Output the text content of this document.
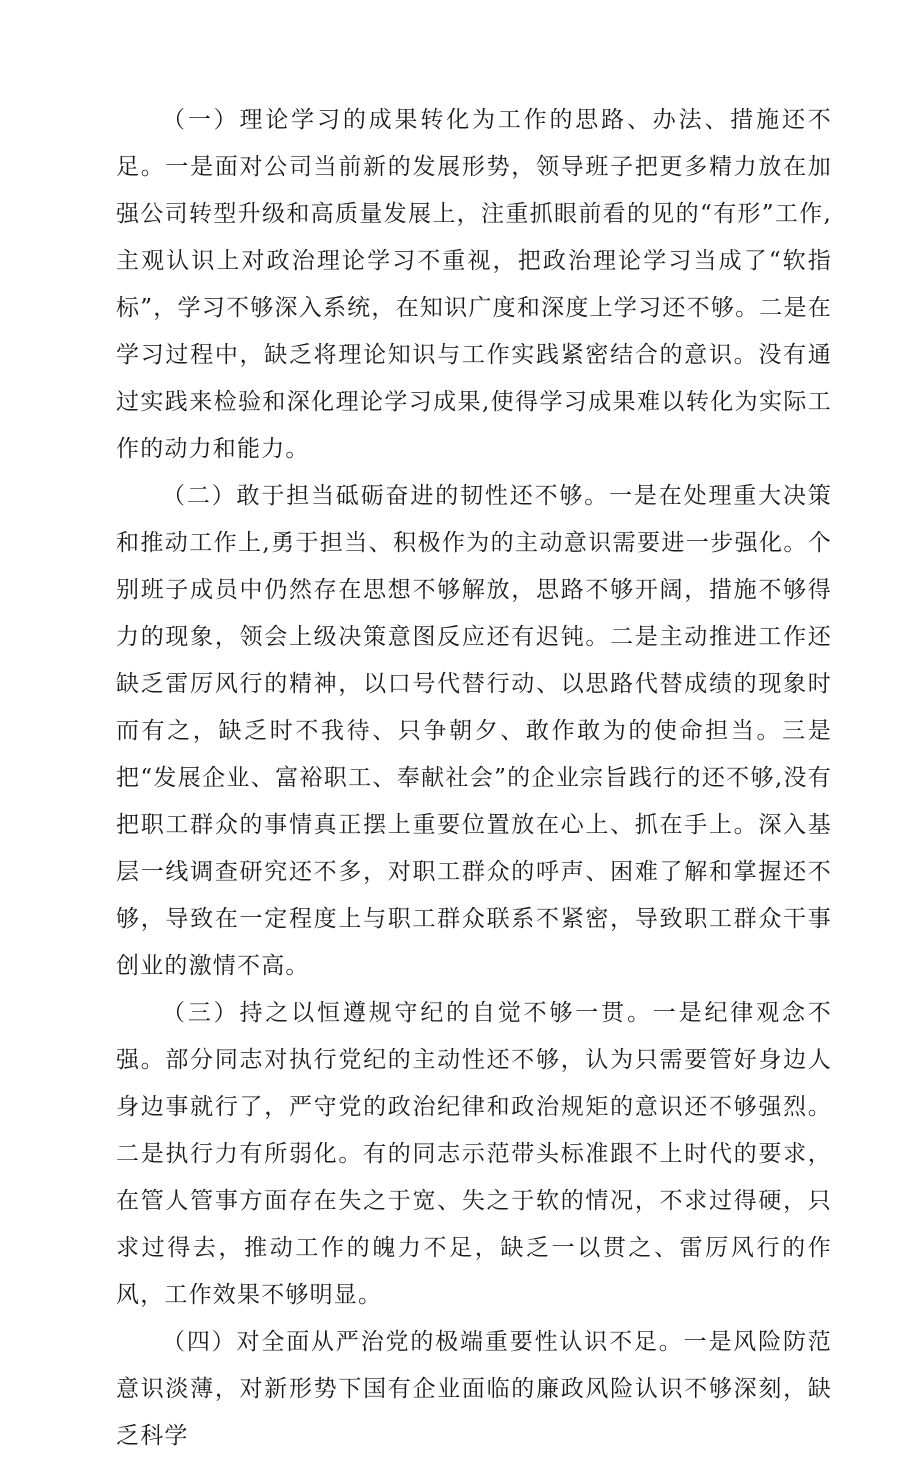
（一）理论学习的成果转化为工作的思路、办法、措施还不足。一是面对公司当前新的发展形势，领导班子把更多精力放在加强公司转型升级和高质量发展上，注重抓眼前看的见的“有形”工作,主观认识上对政治理论学习不重视，把政治理论学习当成了“软指标”，学习不够深入系统，在知识广度和深度上学习还不够。二是在学习过程中，缺乏将理论知识与工作实践紧密结合的意识。没有通过实践来检验和深化理论学习成果,使得学习成果难以转化为实际工作的动力和能力。

（二）敢于担当砥砺奋进的韧性还不够。一是在处理重大决策和推动工作上,勇于担当、积极作为的主动意识需要进一步强化。个别班子成员中仍然存在思想不够解放，思路不够开阔，措施不够得力的现象，领会上级决策意图反应还有迟钝。二是主动推进工作还缺乏雷厉风行的精神，以口号代替行动、以思路代替成绩的现象时而有之，缺乏时不我待、只争朝夕、敢作敢为的使命担当。三是把“发展企业、富裕职工、奉献社会”的企业宗旨践行的还不够,没有把职工群众的事情真正摆上重要位置放在心上、抓在手上。深入基层一线调查研究还不多，对职工群众的呼声、困难了解和掌握还不够，导致在一定程度上与职工群众联系不紧密，导致职工群众干事创业的激情不高。

（三）持之以恒遵规守纪的自觉不够一贯。一是纪律观念不强。部分同志对执行党纪的主动性还不够，认为只需要管好身边人身边事就行了，严守党的政治纪律和政治规矩的意识还不够强烈。二是执行力有所弱化。有的同志示范带头标准跟不上时代的要求，在管人管事方面存在失之于宽、失之于软的情况，不求过得硬，只求过得去，推动工作的魄力不足，缺乏一以贯之、雷厉风行的作风，工作效果不够明显。

（四）对全面从严治党的极端重要性认识不足。一是风险防范意识淡薄，对新形势下国有企业面临的廉政风险认识不够深刻，缺乏科学
